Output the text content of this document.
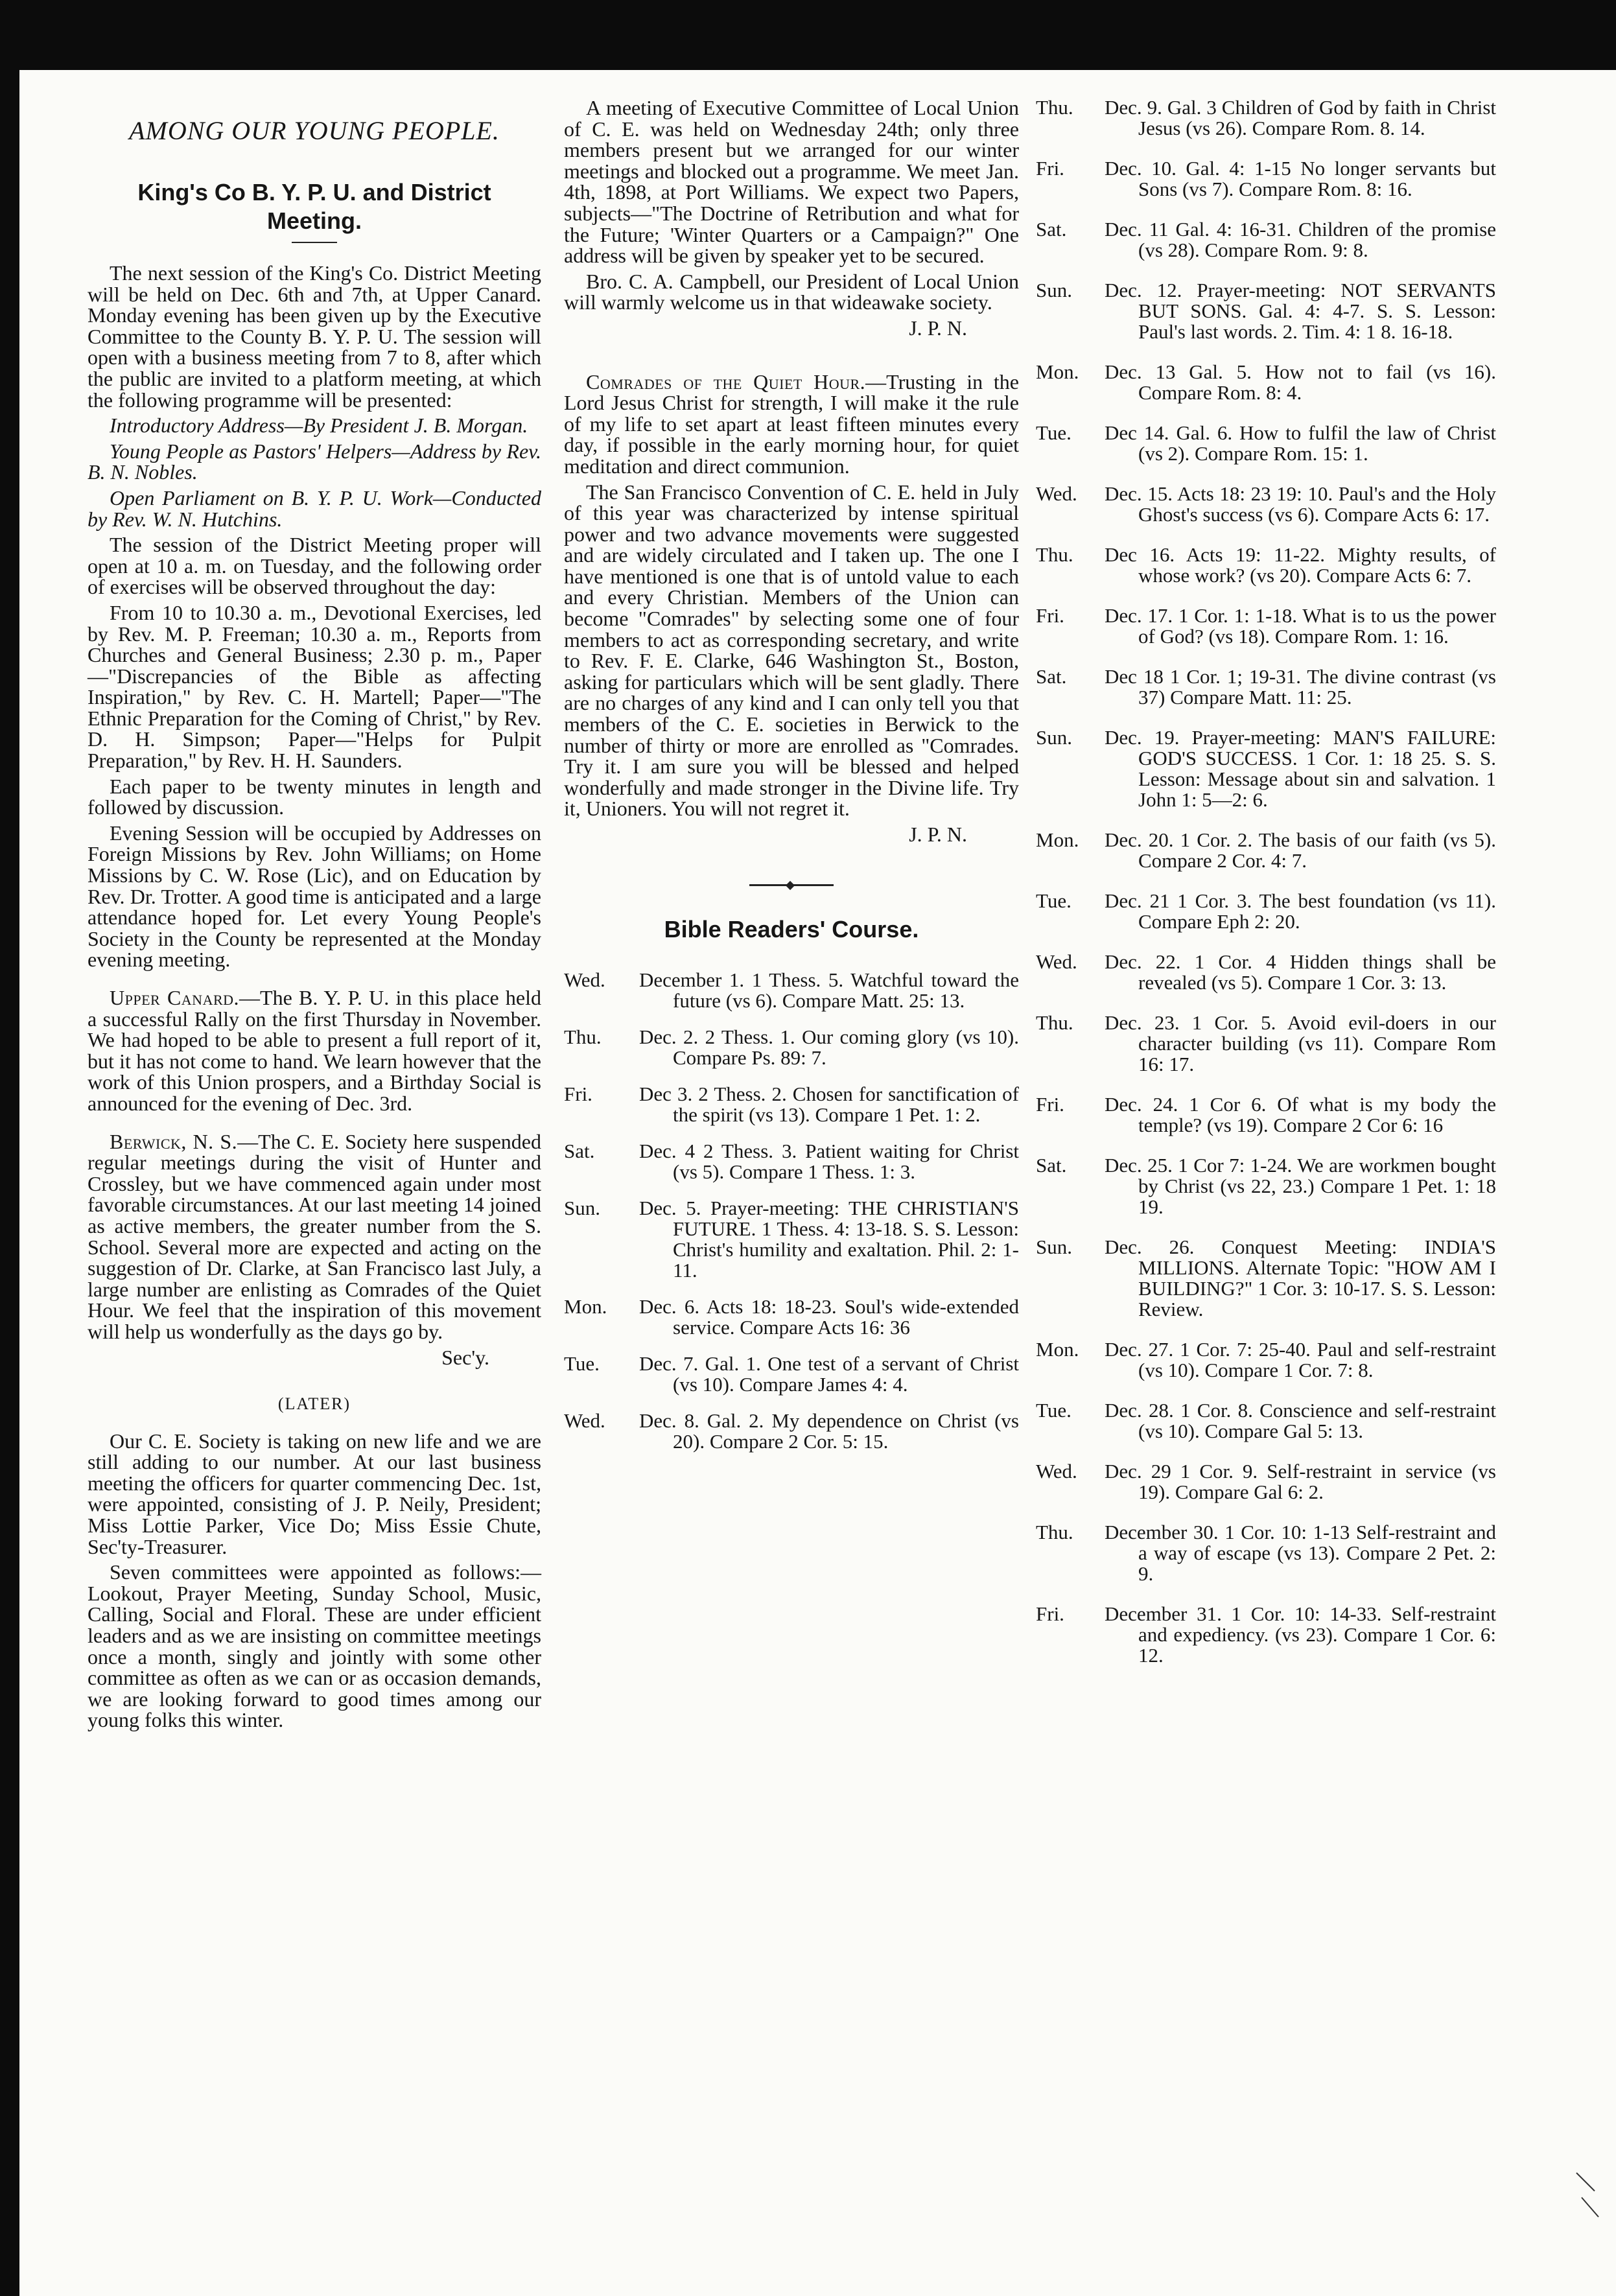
AMONG OUR YOUNG PEOPLE.
King's Co B. Y. P. U. and District Meeting.

The next session of the King's Co. District Meeting will be held on Dec. 6th and 7th, at Upper Canard. Monday evening has been given up by the Executive Committee to the County B. Y. P. U. The session will open with a business meeting from 7 to 8, after which the public are invited to a platform meeting, at which the following programme will be presented:

Introductory Address—By President J. B. Morgan.

Young People as Pastors' Helpers—Address by Rev. B. N. Nobles.

Open Parliament on B. Y. P. U. Work—Conducted by Rev. W. N. Hutchins.

The session of the District Meeting proper will open at 10 a. m. on Tuesday, and the following order of exercises will be observed throughout the day:

From 10 to 10.30 a. m., Devotional Exercises, led by Rev. M. P. Freeman; 10.30 a. m., Reports from Churches and General Business; 2.30 p. m., Paper—"Discrepancies of the Bible as affecting Inspiration," by Rev. C. H. Martell; Paper—"The Ethnic Preparation for the Coming of Christ," by Rev. D. H. Simpson; Paper—"Helps for Pulpit Preparation," by Rev. H. H. Saunders.

Each paper to be twenty minutes in length and followed by discussion.

Evening Session will be occupied by Addresses on Foreign Missions by Rev. John Williams; on Home Missions by C. W. Rose (Lic), and on Education by Rev. Dr. Trotter. A good time is anticipated and a large attendance hoped for. Let every Young People's Society in the County be represented at the Monday evening meeting.

Upper Canard.—The B. Y. P. U. in this place held a successful Rally on the first Thursday in November. We had hoped to be able to present a full report of it, but it has not come to hand. We learn however that the work of this Union prospers, and a Birthday Social is announced for the evening of Dec. 3rd.

Berwick, N. S.—The C. E. Society here suspended regular meetings during the visit of Hunter and Crossley, but we have commenced again under most favorable circumstances. At our last meeting 14 joined as active members, the greater number from the S. School. Several more are expected and acting on the suggestion of Dr. Clarke, at San Francisco last July, a large number are enlisting as Comrades of the Quiet Hour. We feel that the inspiration of this movement will help us wonderfully as the days go by.

Sec'y.

(LATER)

Our C. E. Society is taking on new life and we are still adding to our number. At our last business meeting the officers for quarter commencing Dec. 1st, were appointed, consisting of J. P. Neily, President; Miss Lottie Parker, Vice Do; Miss Essie Chute, Sec'ty-Treasurer.

Seven committees were appointed as follows:—Lookout, Prayer Meeting, Sunday School, Music, Calling, Social and Floral. These are under efficient leaders and as we are insisting on committee meetings once a month, singly and jointly with some other committee as often as we can or as occasion demands, we are looking forward to good times among our young folks this winter.

A meeting of Executive Committee of Local Union of C. E. was held on Wednesday 24th; only three members present but we arranged for our winter meetings and blocked out a programme. We meet Jan. 4th, 1898, at Port Williams. We expect two Papers, subjects—"The Doctrine of Retribution and what for the Future; 'Winter Quarters or a Campaign?" One address will be given by speaker yet to be secured.

Bro. C. A. Campbell, our President of Local Union will warmly welcome us in that wideawake society.

J. P. N.

Comrades of the Quiet Hour.—Trusting in the Lord Jesus Christ for strength, I will make it the rule of my life to set apart at least fifteen minutes every day, if possible in the early morning hour, for quiet meditation and direct communion.

The San Francisco Convention of C. E. held in July of this year was characterized by intense spiritual power and two advance movements were suggested and are widely circulated and I taken up. The one I have mentioned is one that is of untold value to each and every Christian. Members of the Union can become "Comrades" by selecting some one of four members to act as corresponding secretary, and write to Rev. F. E. Clarke, 646 Washington St., Boston, asking for particulars which will be sent gladly. There are no charges of any kind and I can only tell you that members of the C. E. societies in Berwick to the number of thirty or more are enrolled as "Comrades. Try it. I am sure you will be blessed and helped wonderfully and made stronger in the Divine life. Try it, Unioners. You will not regret it.

J. P. N.

Bible Readers' Course.
Wed.	December 1. 1 Thess. 5. Watchful toward the future (vs 6). Compare Matt. 25: 13.
Thu.	Dec. 2. 2 Thess. 1. Our coming glory (vs 10). Compare Ps. 89: 7.
Fri.	Dec 3. 2 Thess. 2. Chosen for sanctification of the spirit (vs 13). Compare 1 Pet. 1: 2.
Sat.	Dec. 4 2 Thess. 3. Patient waiting for Christ (vs 5). Compare 1 Thess. 1: 3.
Sun.	Dec. 5. Prayer-meeting: THE CHRISTIAN'S FUTURE. 1 Thess. 4: 13-18. S. S. Lesson: Christ's humility and exaltation. Phil. 2: 1-11.
Mon.	Dec. 6. Acts 18: 18-23. Soul's wide-extended service. Compare Acts 16: 36
Tue.	Dec. 7. Gal. 1. One test of a servant of Christ (vs 10). Compare James 4: 4.
Wed.	Dec. 8. Gal. 2. My dependence on Christ (vs 20). Compare 2 Cor. 5: 15.
Thu.	Dec. 9. Gal. 3 Children of God by faith in Christ Jesus (vs 26). Compare Rom. 8. 14.
Fri.	Dec. 10. Gal. 4: 1-15 No longer servants but Sons (vs 7). Compare Rom. 8: 16.
Sat.	Dec. 11 Gal. 4: 16-31. Children of the promise (vs 28). Compare Rom. 9: 8.
Sun.	Dec. 12. Prayer-meeting: NOT SERVANTS BUT SONS. Gal. 4: 4-7. S. S. Lesson: Paul's last words. 2. Tim. 4: 1 8. 16-18.
Mon.	Dec. 13 Gal. 5. How not to fail (vs 16). Compare Rom. 8: 4.
Tue.	Dec 14. Gal. 6. How to fulfil the law of Christ (vs 2). Compare Rom. 15: 1.
Wed.	Dec. 15. Acts 18: 23 19: 10. Paul's and the Holy Ghost's success (vs 6). Compare Acts 6: 17.
Thu.	Dec 16. Acts 19: 11-22. Mighty results, of whose work? (vs 20). Compare Acts 6: 7.
Fri.	Dec. 17. 1 Cor. 1: 1-18. What is to us the power of God? (vs 18). Compare Rom. 1: 16.
Sat.	Dec 18 1 Cor. 1; 19-31. The divine contrast (vs 37) Compare Matt. 11: 25.
Sun.	Dec. 19. Prayer-meeting: MAN'S FAILURE: GOD'S SUCCESS. 1 Cor. 1: 18 25. S. S. Lesson: Message about sin and salvation. 1 John 1: 5—2: 6.
Mon.	Dec. 20. 1 Cor. 2. The basis of our faith (vs 5). Compare 2 Cor. 4: 7.
Tue.	Dec. 21 1 Cor. 3. The best foundation (vs 11). Compare Eph 2: 20.
Wed.	Dec. 22. 1 Cor. 4 Hidden things shall be revealed (vs 5). Compare 1 Cor. 3: 13.
Thu.	Dec. 23. 1 Cor. 5. Avoid evil-doers in our character building (vs 11). Compare Rom 16: 17.
Fri.	Dec. 24. 1 Cor 6. Of what is my body the temple? (vs 19). Compare 2 Cor 6: 16
Sat.	Dec. 25. 1 Cor 7: 1-24. We are workmen bought by Christ (vs 22, 23.) Compare 1 Pet. 1: 18 19.
Sun.	Dec. 26. Conquest Meeting: INDIA'S MILLIONS. Alternate Topic: "HOW AM I BUILDING?" 1 Cor. 3: 10-17. S. S. Lesson: Review.
Mon.	Dec. 27. 1 Cor. 7: 25-40. Paul and self-restraint (vs 10). Compare 1 Cor. 7: 8.
Tue.	Dec. 28. 1 Cor. 8. Conscience and self-restraint (vs 10). Compare Gal 5: 13.
Wed.	Dec. 29 1 Cor. 9. Self-restraint in service (vs 19). Compare Gal 6: 2.
Thu.	December 30. 1 Cor. 10: 1-13 Self-restraint and a way of escape (vs 13). Compare 2 Pet. 2: 9.
Fri.	December 31. 1 Cor. 10: 14-33. Self-restraint and expediency. (vs 23). Compare 1 Cor. 6: 12.
